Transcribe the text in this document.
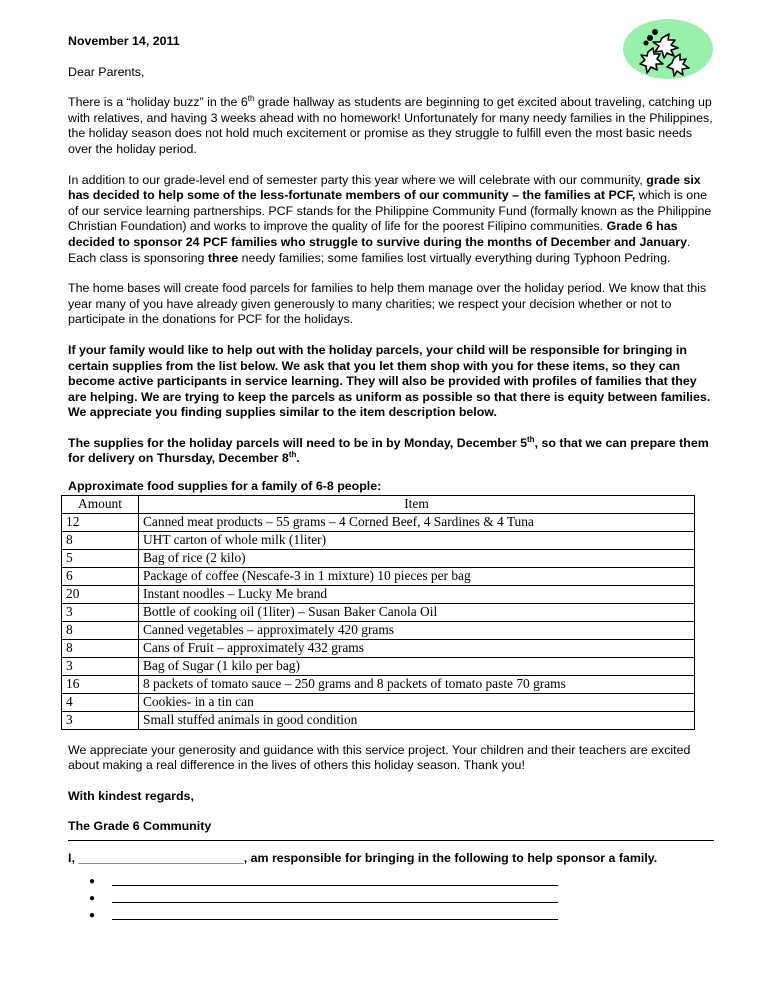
November 14, 2011

Dear Parents,

There is a “holiday buzz” in the 6th grade hallway as students are beginning to get excited about traveling, catching up with relatives, and having 3 weeks ahead with no homework! Unfortunately for many needy families in the Philippines, the holiday season does not hold much excitement or promise as they struggle to fulfill even the most basic needs over the holiday period.

In addition to our grade-level end of semester party this year where we will celebrate with our community, grade six has decided to help some of the less-fortunate members of our community – the families at PCF, which is one of our service learning partnerships. PCF stands for the Philippine Community Fund (formally known as the Philippine Christian Foundation) and works to improve the quality of life for the poorest Filipino communities. Grade 6 has decided to sponsor 24 PCF families who struggle to survive during the months of December and January. Each class is sponsoring three needy families; some families lost virtually everything during Typhoon Pedring.

The home bases will create food parcels for families to help them manage over the holiday period. We know that this year many of you have already given generously to many charities; we respect your decision whether or not to participate in the donations for PCF for the holidays.

If your family would like to help out with the holiday parcels, your child will be responsible for bringing in certain supplies from the list below. We ask that you let them shop with you for these items, so they can become active participants in service learning. They will also be provided with profiles of families that they are helping. We are trying to keep the parcels as uniform as possible so that there is equity between families. We appreciate you finding supplies similar to the item description below.

The supplies for the holiday parcels will need to be in by Monday, December 5th, so that we can prepare them for delivery on Thursday, December 8th.

Approximate food supplies for a family of 6-8 people:

Amount	Item
12	Canned meat products – 55 grams – 4 Corned Beef, 4 Sardines & 4 Tuna
8	UHT carton of whole milk (1liter)
5	Bag of rice (2 kilo)
6	Package of coffee (Nescafe-3 in 1 mixture) 10 pieces per bag
20	Instant noodles – Lucky Me brand
3	Bottle of cooking oil (1liter) – Susan Baker Canola Oil
8	Canned vegetables – approximately 420 grams
8	Cans of Fruit – approximately 432 grams
3	Bag of Sugar (1 kilo per bag)
16	8 packets of tomato sauce – 250 grams and 8 packets of tomato paste 70 grams
4	Cookies- in a tin can
3	Small stuffed animals in good condition

We appreciate your generosity and guidance with this service project. Your children and their teachers are excited about making a real difference in the lives of others this holiday season. Thank you!

With kindest regards,

The Grade 6 Community

I, ________________________, am responsible for bringing in the following to help sponsor a family.

●
●
●
